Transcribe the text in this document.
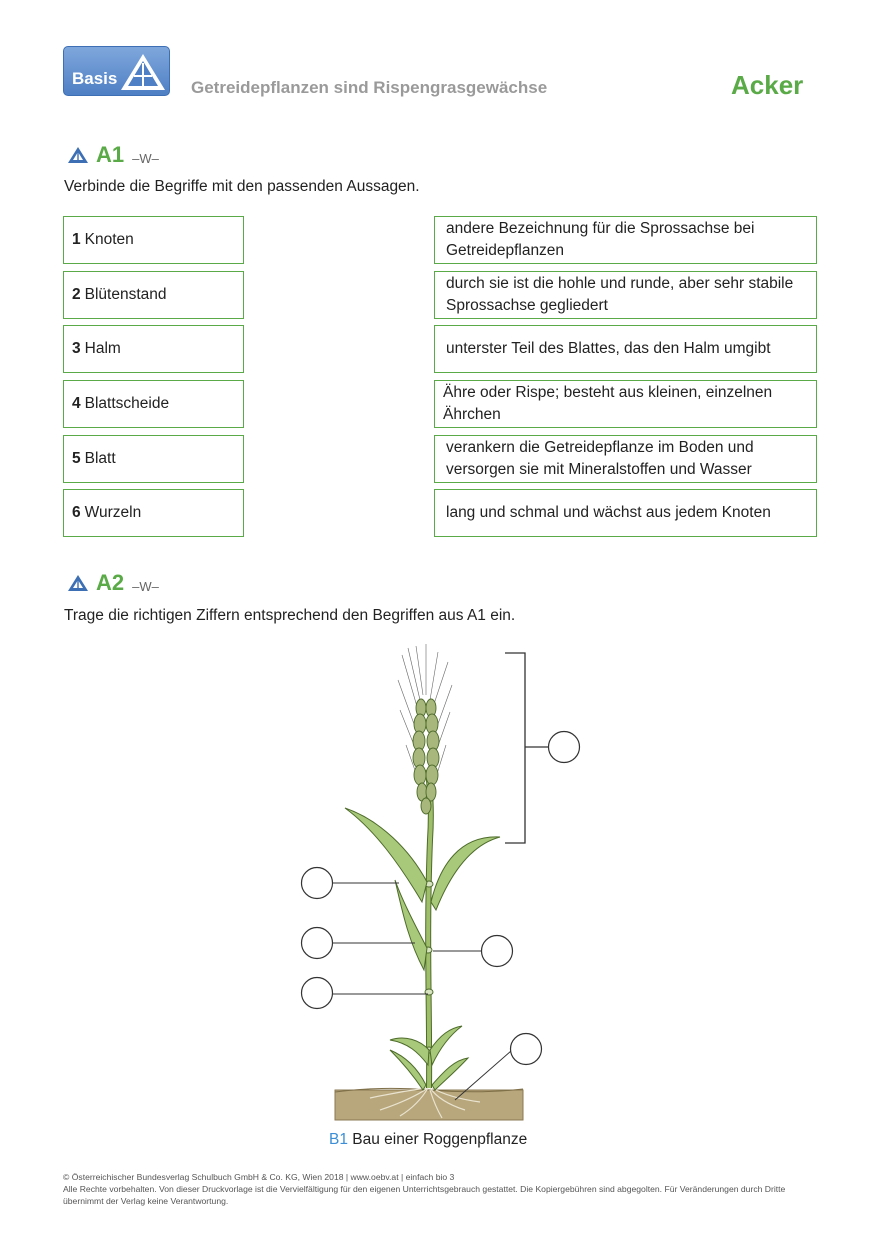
Basis	Getreidepflanzen sind Rispengrasgewächse	Acker
A1 –W–
Verbinde die Begriffe mit den passenden Aussagen.
1 Knoten
2 Blütenstand
3 Halm
4 Blattscheide
5 Blatt
6 Wurzeln
andere Bezeichnung für die Sprossachse bei Getreidepflanzen
durch sie ist die hohle und runde, aber sehr stabile Sprossachse gegliedert
unterster Teil des Blattes, das den Halm umgibt
Ähre oder Rispe; besteht aus kleinen, einzelnen Ährchen
verankern die Getreidepflanze im Boden und versorgen sie mit Mineralstoffen und Wasser
lang und schmal und wächst aus jedem Knoten
A2 –W–
Trage die richtigen Ziffern entsprechend den Begriffen aus A1 ein.
B1 Bau einer Roggenpflanze
© Österreichischer Bundesverlag Schulbuch GmbH & Co. KG, Wien 2018 | www.oebv.at | einfach bio 3
Alle Rechte vorbehalten. Von dieser Druckvorlage ist die Vervielfältigung für den eigenen Unterrichtsgebrauch gestattet. Die Kopiergebühren sind abgegolten. Für Veränderungen durch Dritte übernimmt der Verlag keine Verantwortung.
